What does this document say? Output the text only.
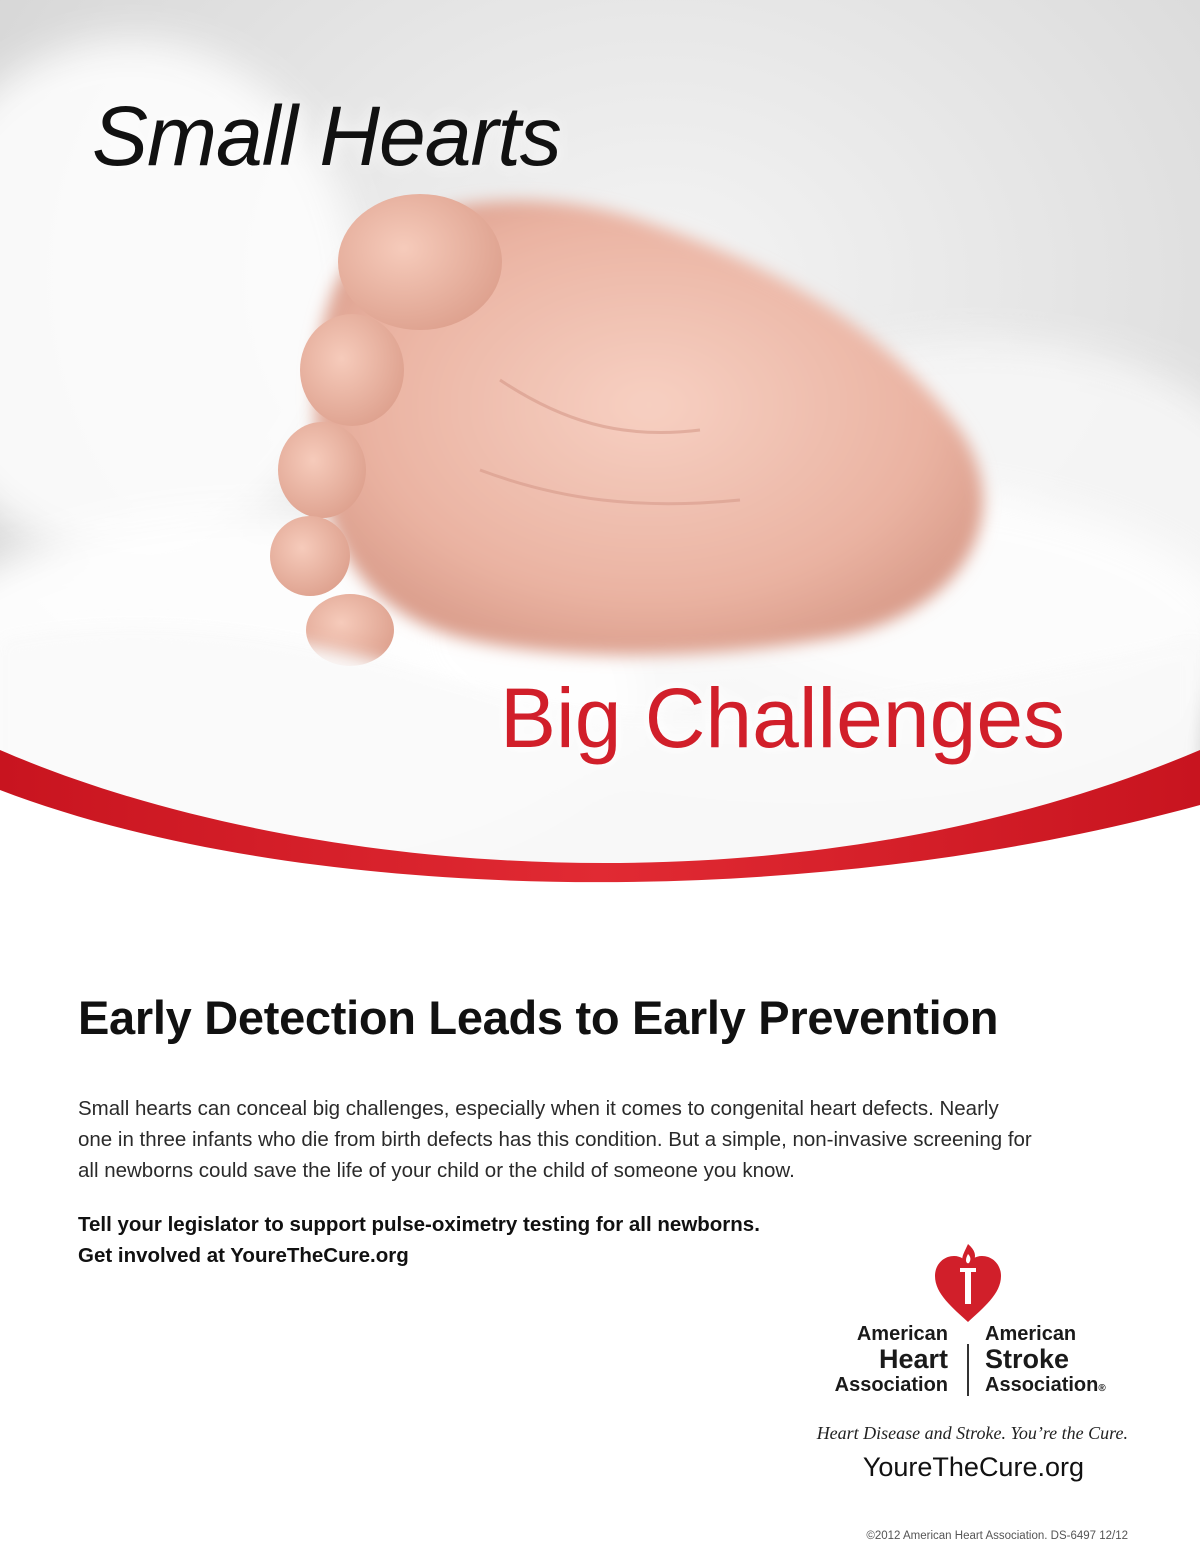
Small Hearts
Big Challenges
Early Detection Leads to Early Prevention

Small hearts can conceal big challenges, especially when it comes to congenital heart defects. Nearly one in three infants who die from birth defects has this condition. But a simple, non-invasive screening for all newborns could save the life of your child or the child of someone you know.

Tell your legislator to support pulse-oximetry testing for all newborns.
Get involved at YoureTheCure.org

American
Heart
Association
American
Stroke
Association®

Heart Disease and Stroke. You’re the Cure.

YoureTheCure.org

©2012 American Heart Association. DS-6497 12/12
